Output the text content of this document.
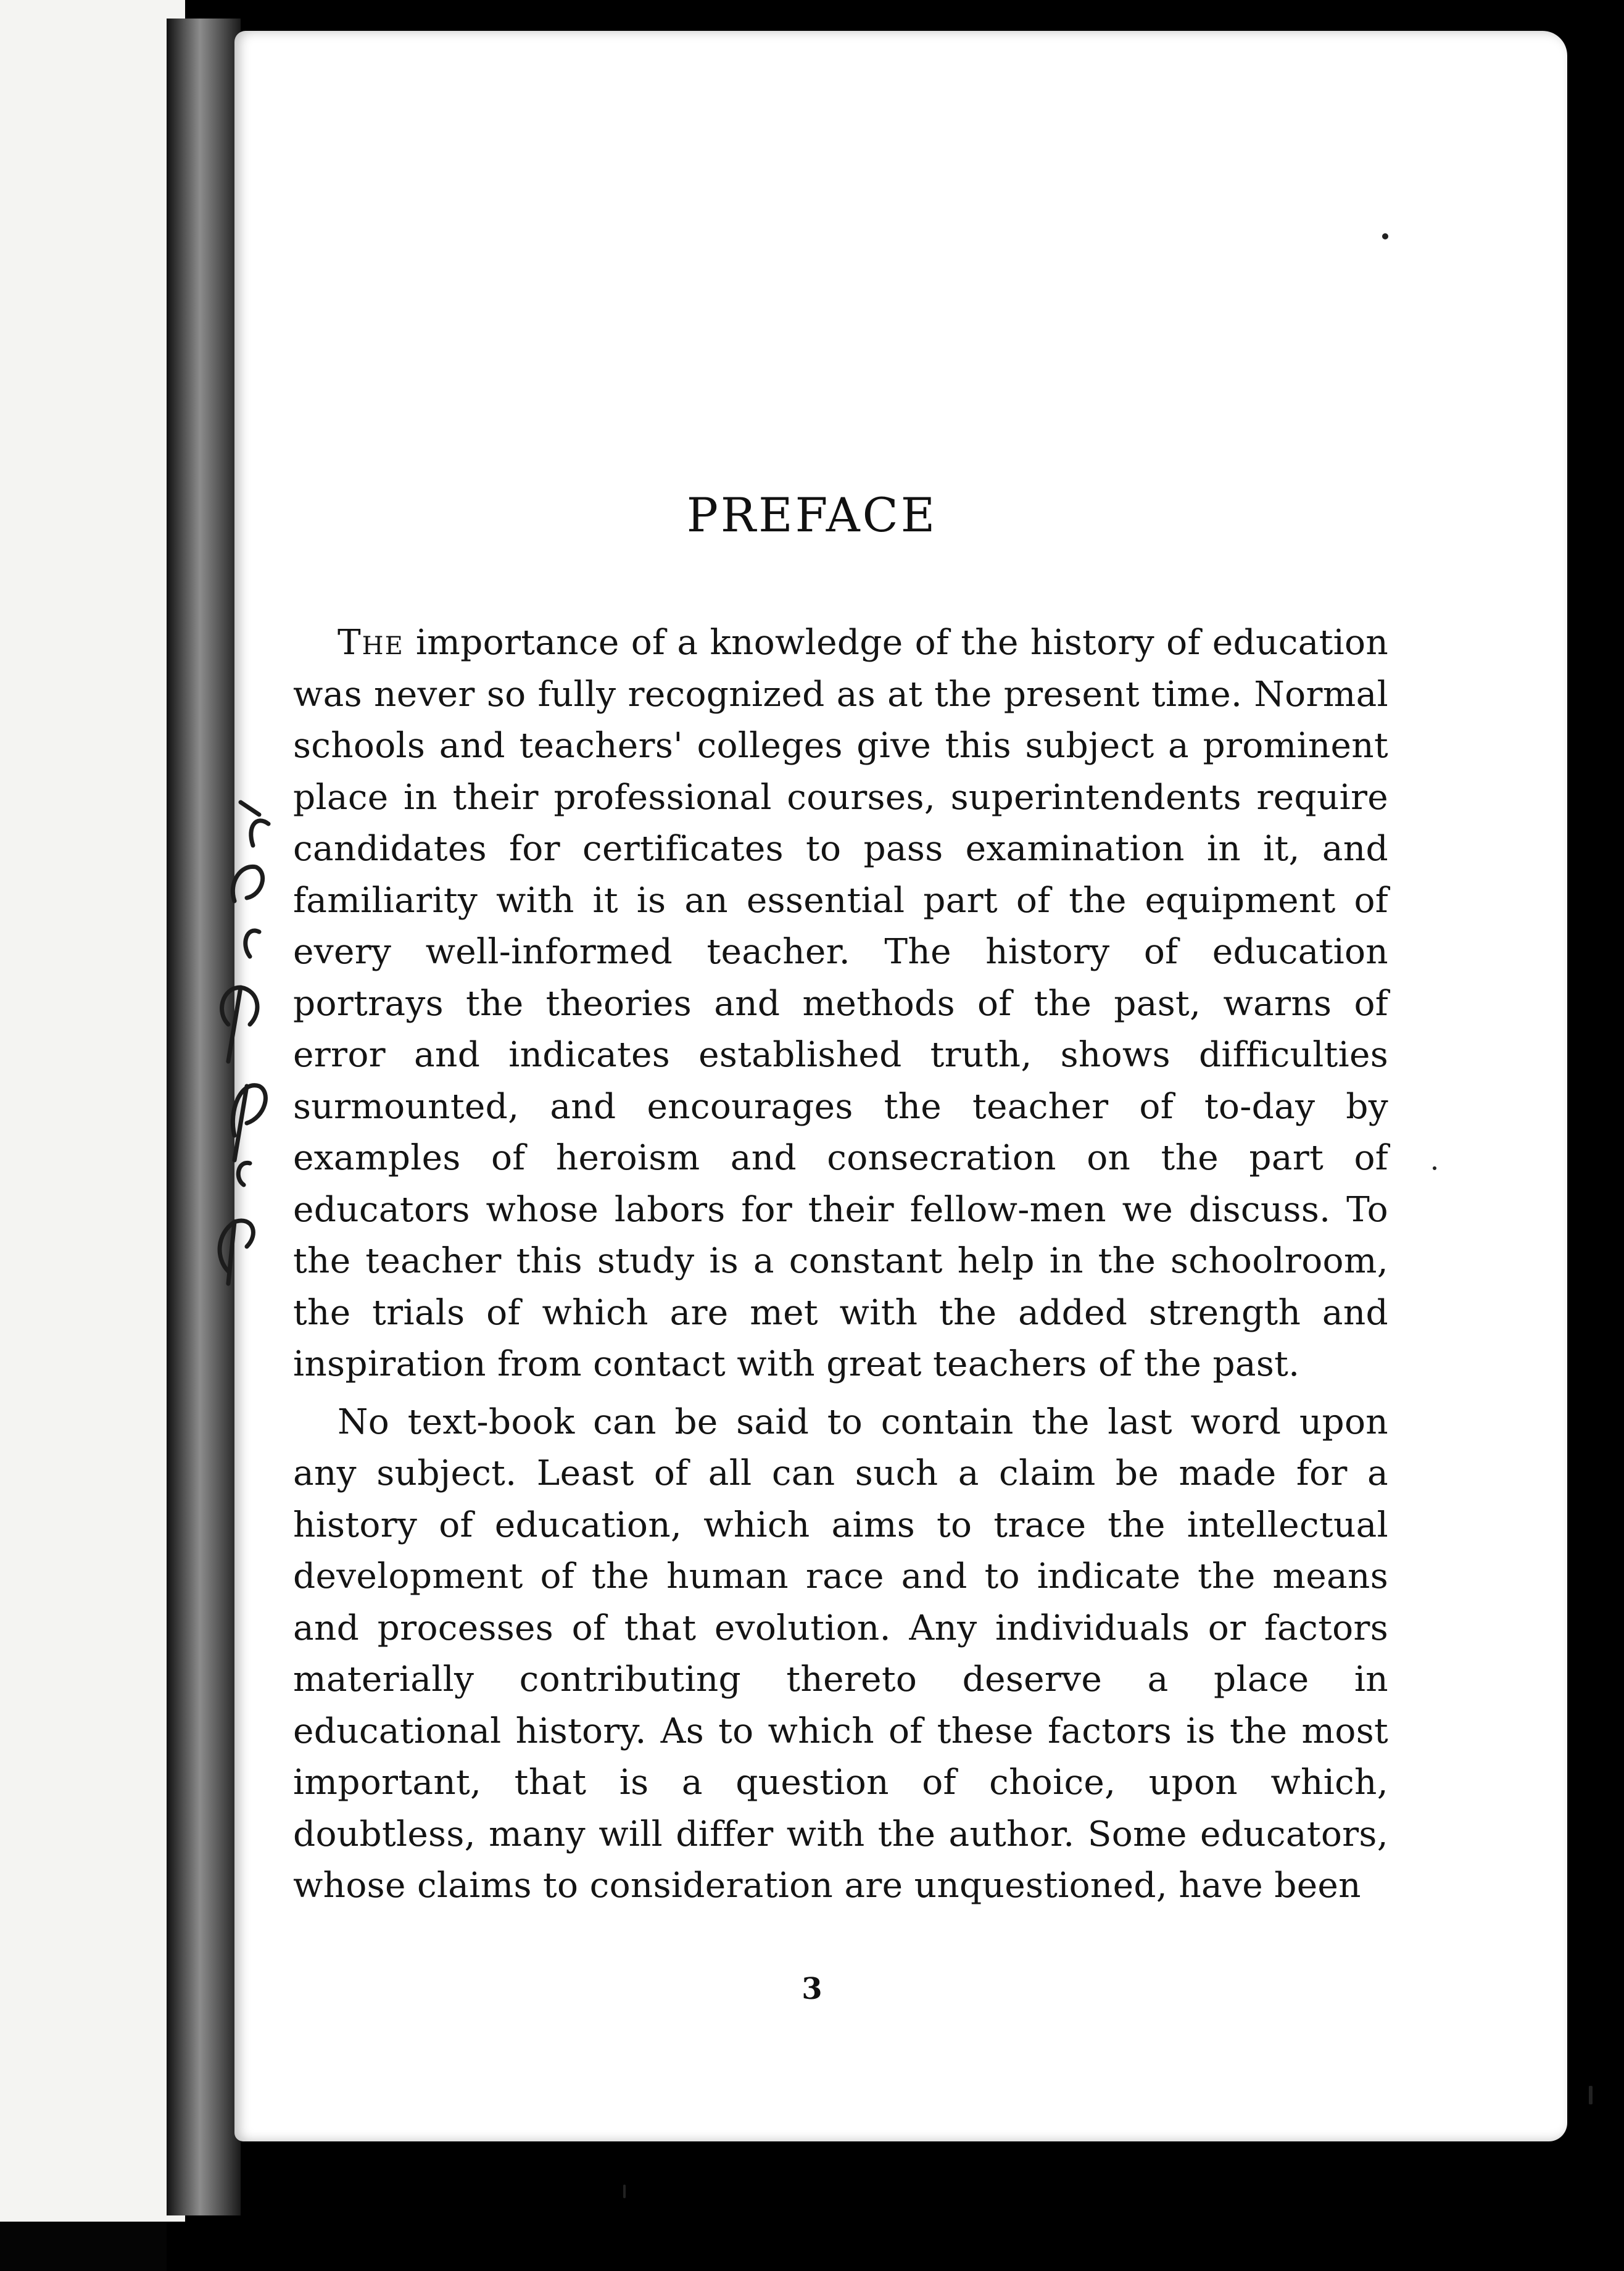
PREFACE

The importance of a knowledge of the history of education was never so fully recognized as at the present time. Normal schools and teachers' colleges give this subject a prominent place in their professional courses, superintendents require candidates for certificates to pass examination in it, and familiarity with it is an essential part of the equipment of every well-informed teacher. The history of education portrays the theories and methods of the past, warns of error and indicates established truth, shows difficulties surmounted, and encourages the teacher of to-day by examples of heroism and consecration on the part of educators whose labors for their fellow-men we discuss. To the teacher this study is a constant help in the schoolroom, the trials of which are met with the added strength and inspiration from contact with great teachers of the past.

No text-book can be said to contain the last word upon any subject. Least of all can such a claim be made for a history of education, which aims to trace the intellectual development of the human race and to indicate the means and processes of that evolution. Any individuals or factors materially contributing thereto deserve a place in educational history. As to which of these factors is the most important, that is a question of choice, upon which, doubtless, many will differ with the author. Some educators, whose claims to consideration are unquestioned, have been

3
